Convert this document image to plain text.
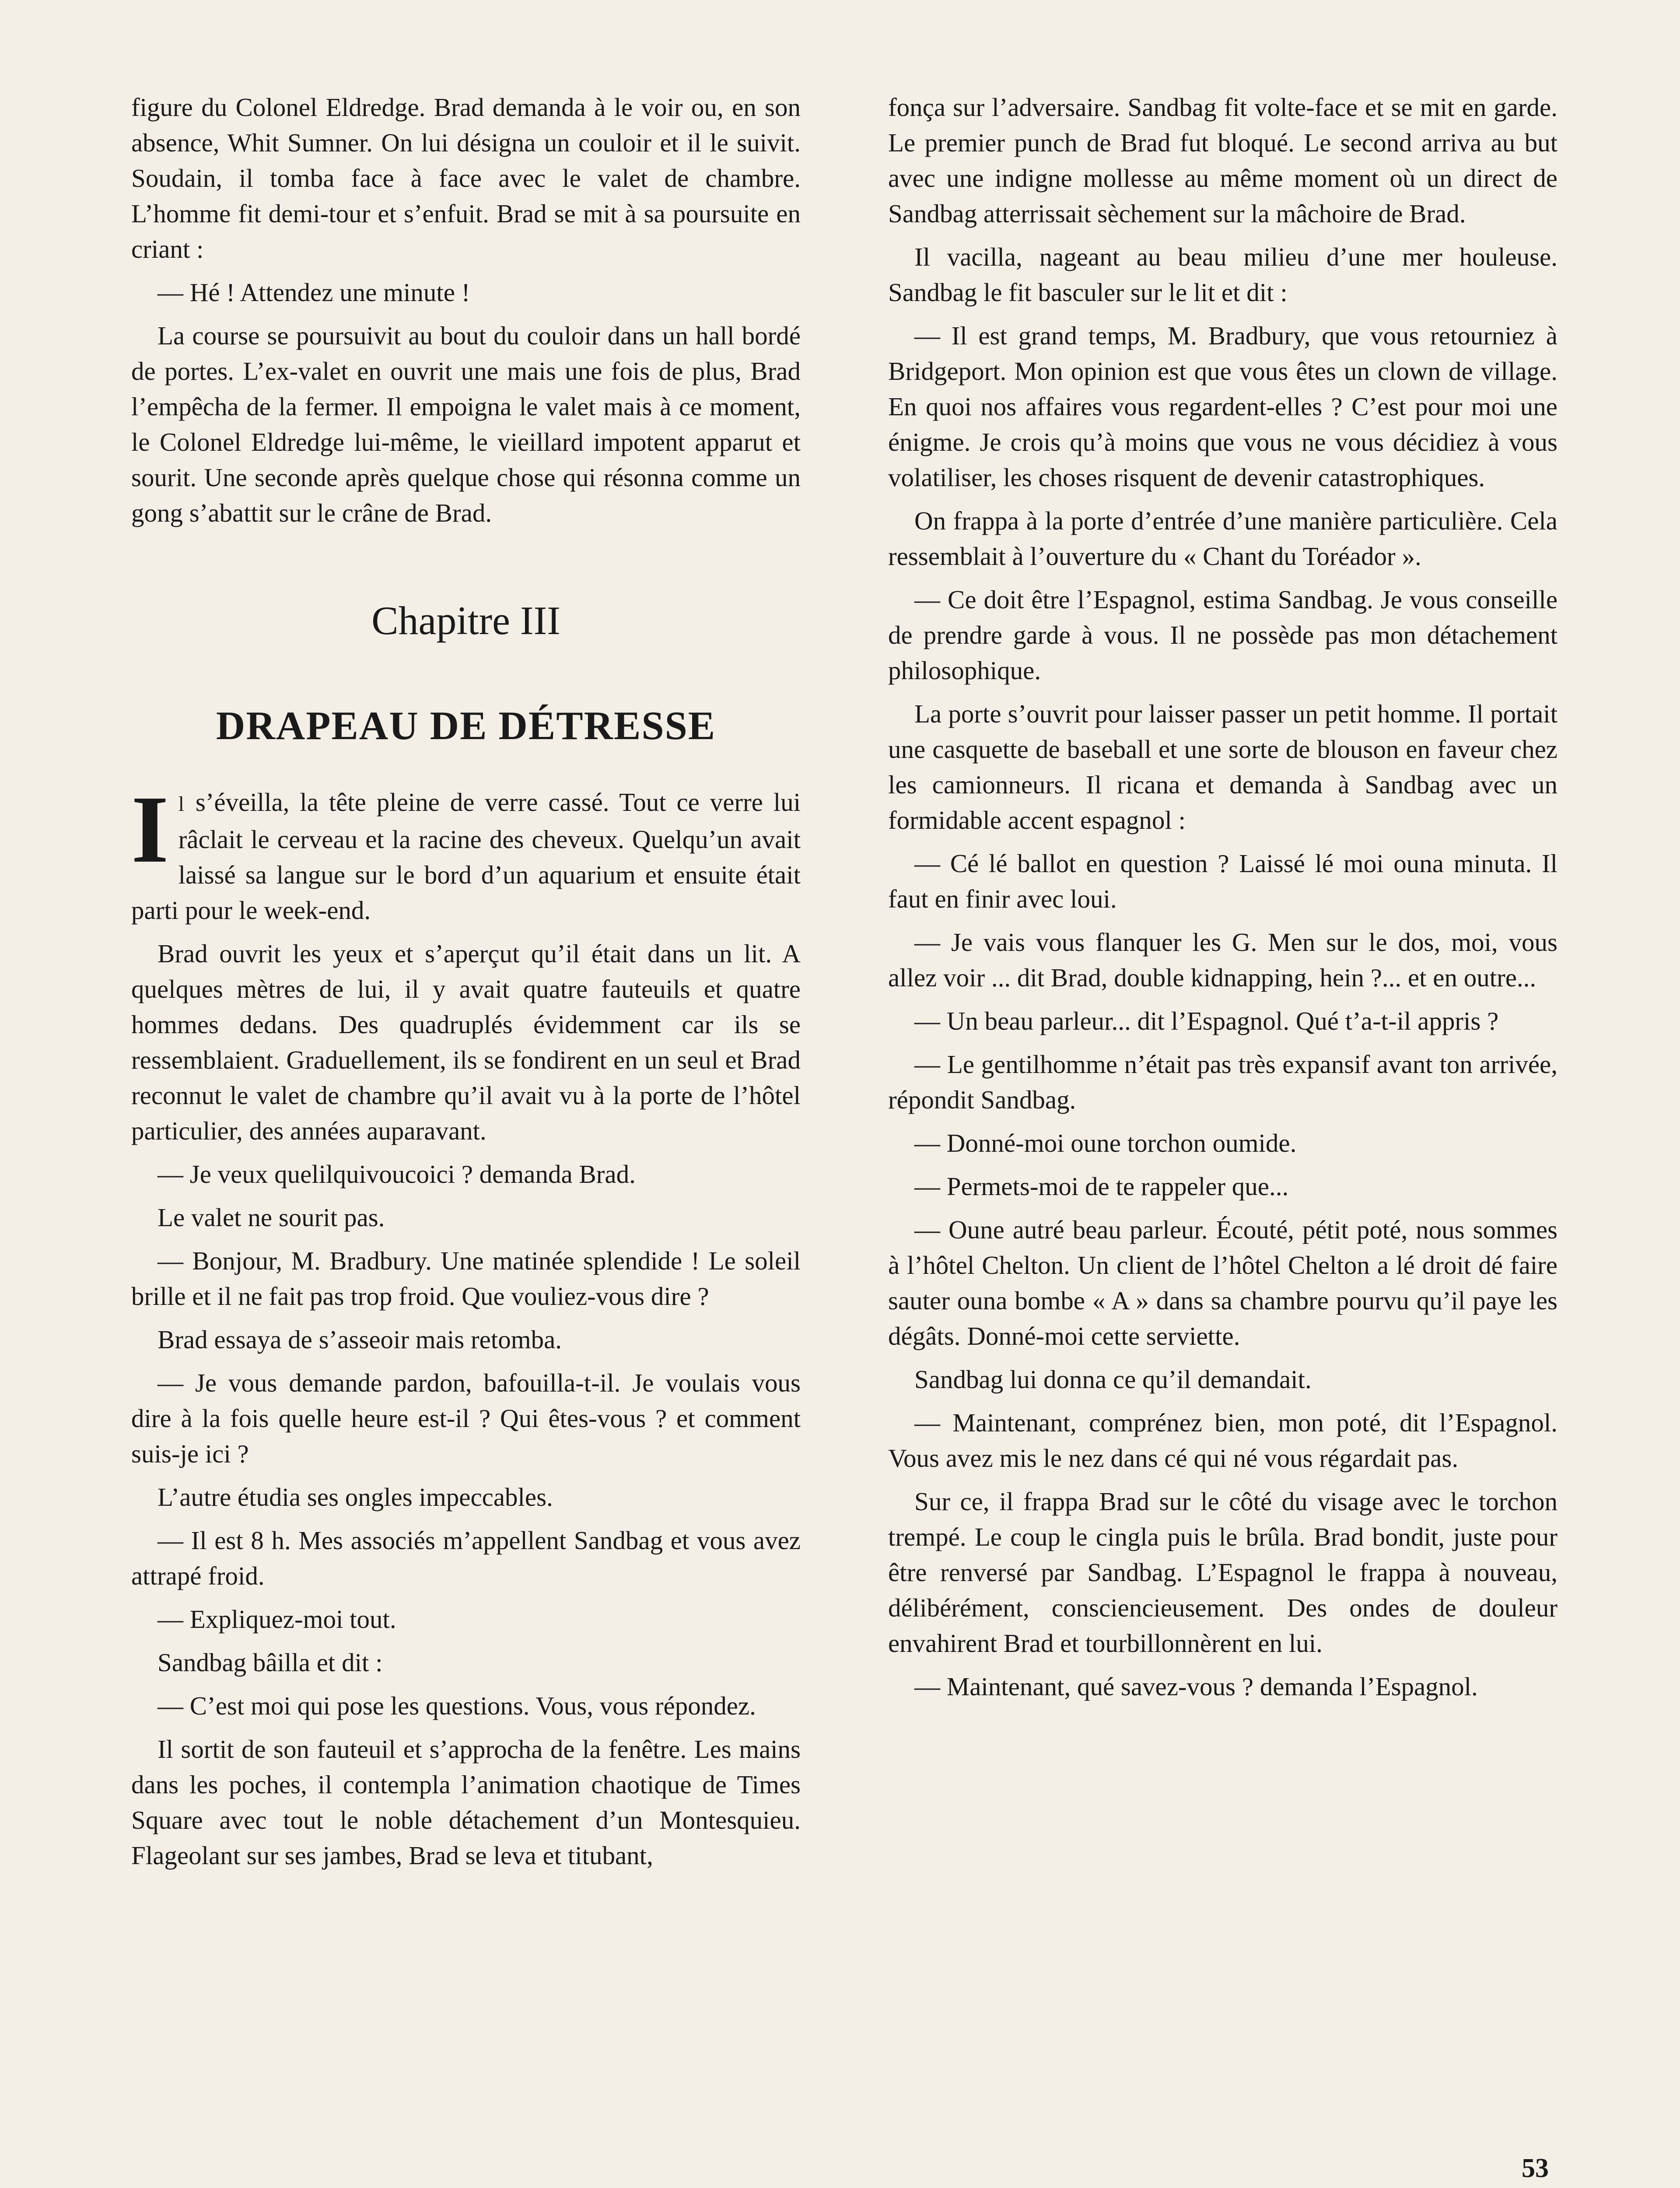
figure du Colonel Eldredge. Brad demanda à le voir ou, en son absence, Whit Sumner. On lui désigna un couloir et il le suivit. Soudain, il tomba face à face avec le valet de chambre. L’homme fit demi-tour et s’enfuit. Brad se mit à sa poursuite en criant :

— Hé ! Attendez une minute !

La course se poursuivit au bout du couloir dans un hall bordé de portes. L’ex-valet en ouvrit une mais une fois de plus, Brad l’empêcha de la fermer. Il empoigna le valet mais à ce moment, le Colonel Eldredge lui-même, le vieillard impotent apparut et sourit. Une seconde après quelque chose qui résonna comme un gong s’abattit sur le crâne de Brad.

Chapitre III
DRAPEAU DE DÉTRESSE

Il s’éveilla, la tête pleine de verre cassé. Tout ce verre lui râclait le cerveau et la racine des cheveux. Quelqu’un avait laissé sa langue sur le bord d’un aquarium et ensuite était parti pour le week-end.

Brad ouvrit les yeux et s’aperçut qu’il était dans un lit. A quelques mètres de lui, il y avait quatre fauteuils et quatre hommes dedans. Des quadruplés évidemment car ils se ressemblaient. Graduellement, ils se fondirent en un seul et Brad reconnut le valet de chambre qu’il avait vu à la porte de l’hôtel particulier, des années auparavant.

— Je veux quelilquivoucoici ? demanda Brad.

Le valet ne sourit pas.

— Bonjour, M. Bradbury. Une matinée splendide ! Le soleil brille et il ne fait pas trop froid. Que vouliez-vous dire ?

Brad essaya de s’asseoir mais retomba.

— Je vous demande pardon, bafouilla-t-il. Je voulais vous dire à la fois quelle heure est-il ? Qui êtes-vous ? et comment suis-je ici ?

L’autre étudia ses ongles impeccables.

— Il est 8 h. Mes associés m’appellent Sandbag et vous avez attrapé froid.

— Expliquez-moi tout.

Sandbag bâilla et dit :

— C’est moi qui pose les questions. Vous, vous répondez.

Il sortit de son fauteuil et s’approcha de la fenêtre. Les mains dans les poches, il contempla l’animation chaotique de Times Square avec tout le noble détachement d’un Montesquieu. Flageolant sur ses jambes, Brad se leva et titubant,

fonça sur l’adversaire. Sandbag fit volte-face et se mit en garde. Le premier punch de Brad fut bloqué. Le second arriva au but avec une indigne mollesse au même moment où un direct de Sandbag atterrissait sèchement sur la mâchoire de Brad.

Il vacilla, nageant au beau milieu d’une mer houleuse. Sandbag le fit basculer sur le lit et dit :

— Il est grand temps, M. Bradbury, que vous retourniez à Bridgeport. Mon opinion est que vous êtes un clown de village. En quoi nos affaires vous regardent-elles ? C’est pour moi une énigme. Je crois qu’à moins que vous ne vous décidiez à vous volatiliser, les choses risquent de devenir catastrophiques.

On frappa à la porte d’entrée d’une manière particulière. Cela ressemblait à l’ouverture du « Chant du Toréador ».

— Ce doit être l’Espagnol, estima Sandbag. Je vous conseille de prendre garde à vous. Il ne possède pas mon détachement philosophique.

La porte s’ouvrit pour laisser passer un petit homme. Il portait une casquette de baseball et une sorte de blouson en faveur chez les camionneurs. Il ricana et demanda à Sandbag avec un formidable accent espagnol :

— Cé lé ballot en question ? Laissé lé moi ouna minuta. Il faut en finir avec loui.

— Je vais vous flanquer les G. Men sur le dos, moi, vous allez voir ... dit Brad, double kidnapping, hein ?... et en outre...

— Un beau parleur... dit l’Espagnol. Qué t’a-t-il appris ?

— Le gentilhomme n’était pas très expansif avant ton arrivée, répondit Sandbag.

— Donné-moi oune torchon oumide.

— Permets-moi de te rappeler que...

— Oune autré beau parleur. Écouté, pétit poté, nous sommes à l’hôtel Chelton. Un client de l’hôtel Chelton a lé droit dé faire sauter ouna bombe « A » dans sa chambre pourvu qu’il paye les dégâts. Donné-moi cette serviette.

Sandbag lui donna ce qu’il demandait.

— Maintenant, comprénez bien, mon poté, dit l’Espagnol. Vous avez mis le nez dans cé qui né vous régardait pas.

Sur ce, il frappa Brad sur le côté du visage avec le torchon trempé. Le coup le cingla puis le brûla. Brad bondit, juste pour être renversé par Sandbag. L’Espagnol le frappa à nouveau, délibérément, consciencieusement. Des ondes de douleur envahirent Brad et tourbillonnèrent en lui.

— Maintenant, qué savez-vous ? demanda l’Espagnol.

53
